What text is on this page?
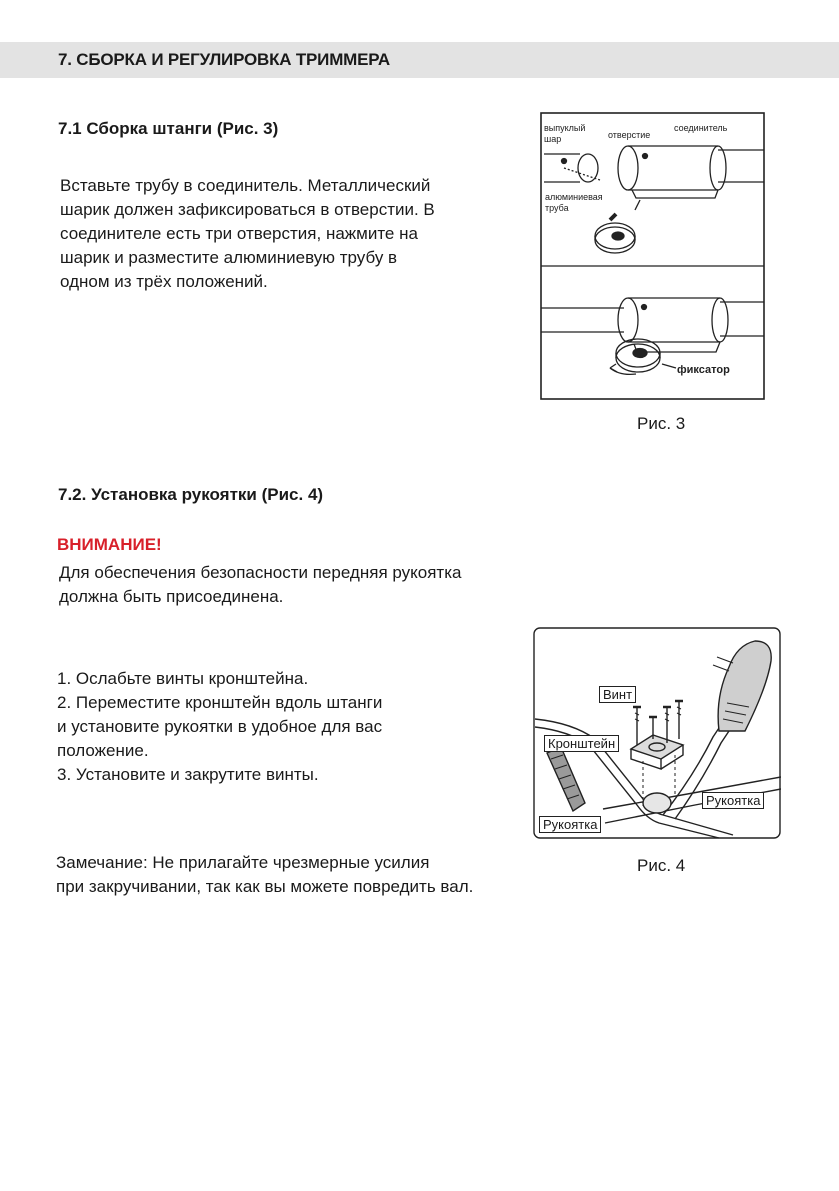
7. СБОРКА И РЕГУЛИРОВКА ТРИММЕРА
7.1 Сборка штанги (Рис. 3)

Вставьте трубу в соединитель. Металлический

шарик должен зафиксироваться в отверстии. В

соединителе есть три отверстия, нажмите на

шарик и разместите алюминиевую трубу в

одном из трёх положений.

выпуклый
шар	отверстие
соединитель
алюминиевая
труба
фиксатор
Рис. 3
7.2. Установка рукоятки (Рис. 4)
ВНИМАНИЕ!
Для обеспечения безопасности передняя рукоятка
должна быть присоединена.
1. Ослабьте винты кронштейна.
2. Переместите кронштейн вдоль штанги
и установите рукоятки в удобное для вас
положение.
3. Установите и закрутите винты.
Винт
Кронштейн
Рукоятка
Рукоятка
Рис. 4
Замечание: Не прилагайте чрезмерные усилия
при закручивании, так как вы можете повредить вал.
